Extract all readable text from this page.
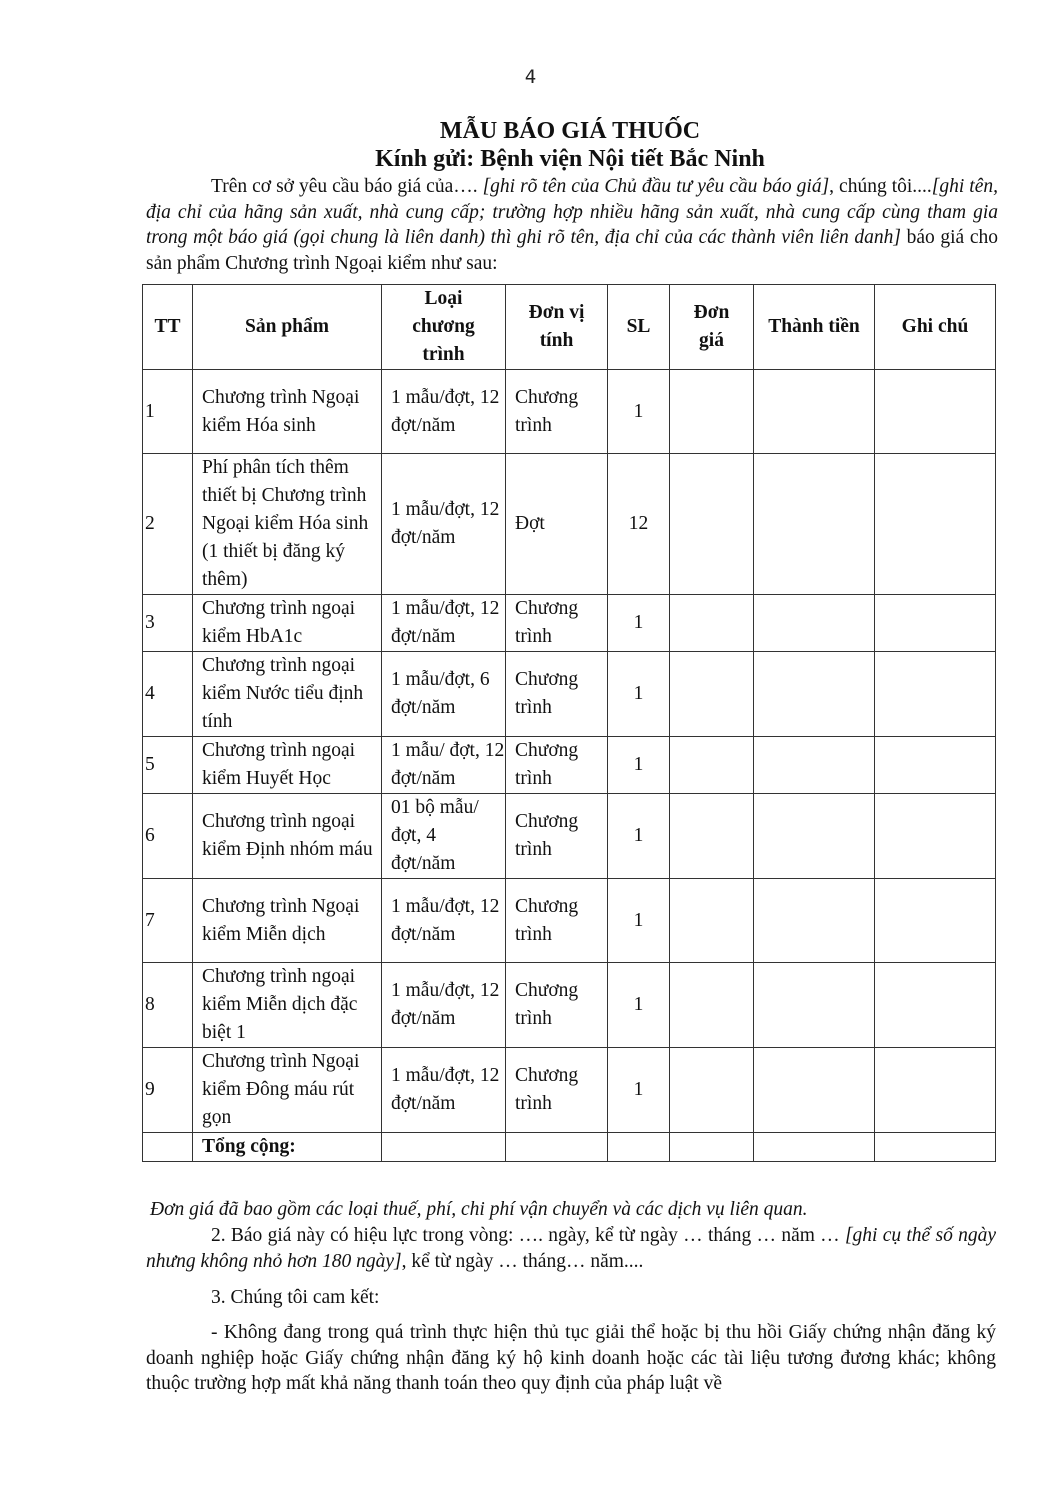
4
MẪU BÁO GIÁ THUỐC
Kính gửi: Bệnh viện Nội tiết Bắc Ninh
Trên cơ sở yêu cầu báo giá của…. [ghi rõ tên của Chủ đầu tư yêu cầu báo giá], chúng tôi....[ghi tên, địa chỉ của hãng sản xuất, nhà cung cấp; trường hợp nhiều hãng sản xuất, nhà cung cấp cùng tham gia trong một báo giá (gọi chung là liên danh) thì ghi rõ tên, địa chỉ của các thành viên liên danh] báo giá cho sản phẩm Chương trình Ngoại kiểm như sau:
TT	Sản phẩm	Loại chương trình	Đơn vị tính	SL	Đơn giá	Thành tiền	Ghi chú
1	Chương trình Ngoại kiểm Hóa sinh	1 mẫu/đợt, 12 đợt/năm	Chương trình	1			
2	Phí phân tích thêm thiết bị Chương trình Ngoại kiểm Hóa sinh (1 thiết bị đăng ký thêm)	1 mẫu/đợt, 12 đợt/năm	Đợt	12			
3	Chương trình ngoại kiểm HbA1c	1 mẫu/đợt, 12 đợt/năm	Chương trình	1			
4	Chương trình ngoại kiểm Nước tiểu định tính	1 mẫu/đợt, 6 đợt/năm	Chương trình	1			
5	Chương trình ngoại kiểm Huyết Học	1 mẫu/ đợt, 12 đợt/năm	Chương trình	1			
6	Chương trình ngoại kiểm Định nhóm máu	01 bộ mẫu/ đợt, 4 đợt/năm	Chương trình	1			
7	Chương trình Ngoại kiểm Miễn dịch	1 mẫu/đợt, 12 đợt/năm	Chương trình	1			
8	Chương trình ngoại kiểm Miễn dịch đặc biệt 1	1 mẫu/đợt, 12 đợt/năm	Chương trình	1			
9	Chương trình Ngoại kiểm Đông máu rút gọn	1 mẫu/đợt, 12 đợt/năm	Chương trình	1			
	Tổng cộng:						
Đơn giá đã bao gồm các loại thuế, phí, chi phí vận chuyển và các dịch vụ liên quan.
2. Báo giá này có hiệu lực trong vòng: …. ngày, kể từ ngày … tháng … năm … [ghi cụ thể số ngày nhưng không nhỏ hơn 180 ngày], kể từ ngày … tháng… năm....
3. Chúng tôi cam kết:
- Không đang trong quá trình thực hiện thủ tục giải thể hoặc bị thu hồi Giấy chứng nhận đăng ký doanh nghiệp hoặc Giấy chứng nhận đăng ký hộ kinh doanh hoặc các tài liệu tương đương khác; không thuộc trường hợp mất khả năng thanh toán theo quy định của pháp luật về
